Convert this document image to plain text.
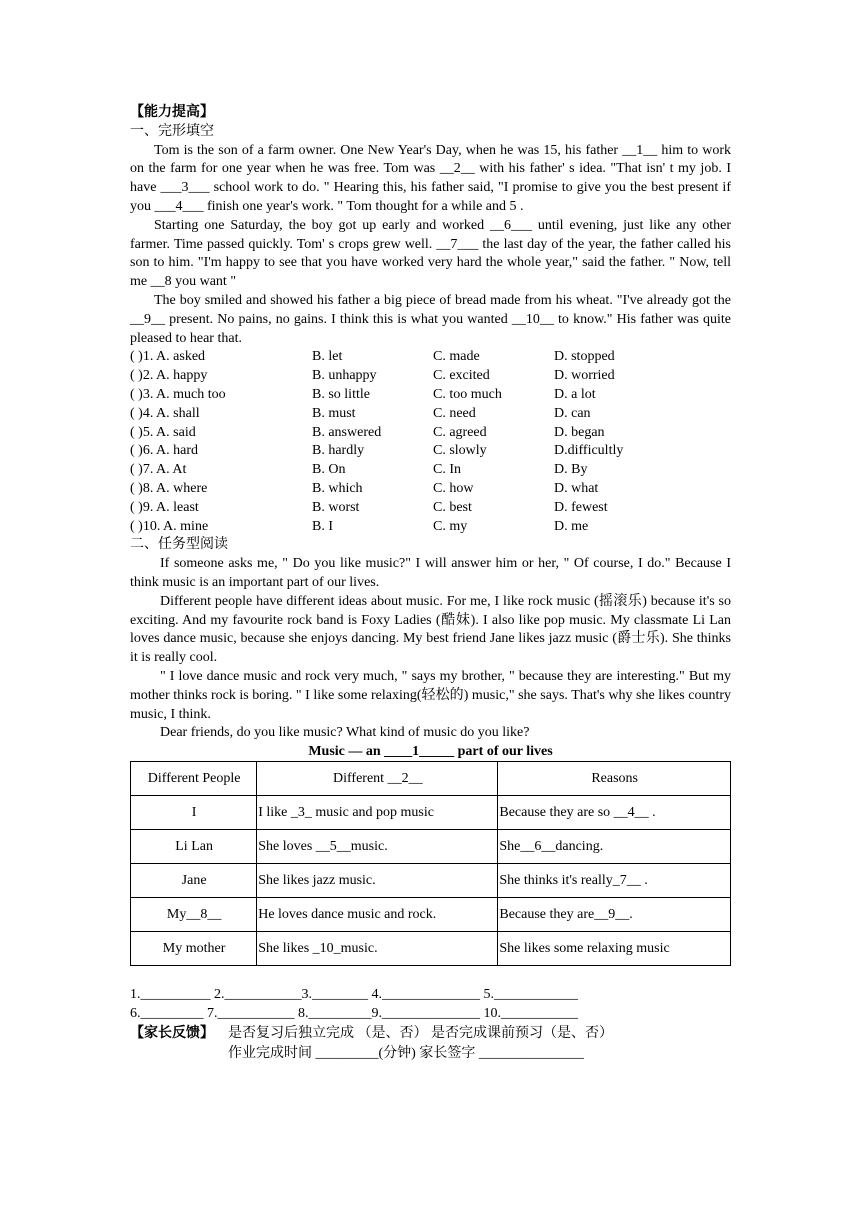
【能力提高】
一、完形填空
Tom is the son of a farm owner. One New Year's Day, when he was 15, his father __1__ him to work on the farm for one year when he was free. Tom was __2__ with his father' s idea. "That isn' t my job. I have ___3___ school work to do. " Hearing this, his father said, "I promise to give you the best present if you ___4___ finish one year's work. " Tom thought for a while and 5 .
Starting one Saturday, the boy got up early and worked __6___ until evening, just like any other farmer. Time passed quickly. Tom' s crops grew well. __7___ the last day of the year, the father called his son to him. "I'm happy to see that you have worked very hard the whole year," said the father. " Now, tell me __8 you want "
The boy smiled and showed his father a big piece of bread made from his wheat. "I've already got the __9__ present. No pains, no gains. I think this is what you wanted __10__ to know." His father was quite pleased to hear that.
( )1. A. asked	B. let	C. made	D. stopped
( )2. A. happy	B. unhappy	C. excited	D. worried
( )3. A. much too	B. so little	C. too much	D. a lot
( )4. A. shall	B. must	C. need	D. can
( )5. A. said	B. answered	C. agreed	D. began
( )6. A. hard	B. hardly	C. slowly	D.difficultly
( )7. A. At	B. On	C. In	D. By
( )8. A. where	B. which	C. how	D. what
( )9. A. least	B. worst	C. best	D. fewest
( )10. A. mine	B. I	C. my	D. me
二、任务型阅读
If someone asks me, " Do you like music?" I will answer him or her, " Of course, I do." Because I think music is an important part of our lives.
Different people have different ideas about music. For me, I like rock music (摇滚乐) because it's so exciting. And my favourite rock band is Foxy Ladies (酷妹). I also like pop music. My classmate Li Lan loves dance music, because she enjoys dancing. My best friend Jane likes jazz music (爵士乐). She thinks it is really cool.
" I love dance music and rock very much, " says my brother, " because they are interesting." But my mother thinks rock is boring. " I like some relaxing(轻松的) music," she says. That's why she likes country music, I think.
Dear friends, do you like music? What kind of music do you like?
Music — an ____1_____ part of our lives
Different People	Different __2__	Reasons
I	I like _3_ music and pop music	Because they are so __4__ .
Li Lan	She loves __5__music.	She__6__dancing.
Jane	She likes jazz music.	She thinks it's really_7__ .
My__8__	He loves dance music and rock.	Because they are__9__.
My mother	She likes _10_music.	She likes some relaxing music
1.__________ 2.___________3.________ 4.______________ 5.____________
6._________ 7.___________ 8._________9.______________ 10.___________
【家长反馈】	是否复习后独立完成 （是、否） 是否完成课前预习（是、否）
作业完成时间 _________(分钟) 家长签字 _______________
